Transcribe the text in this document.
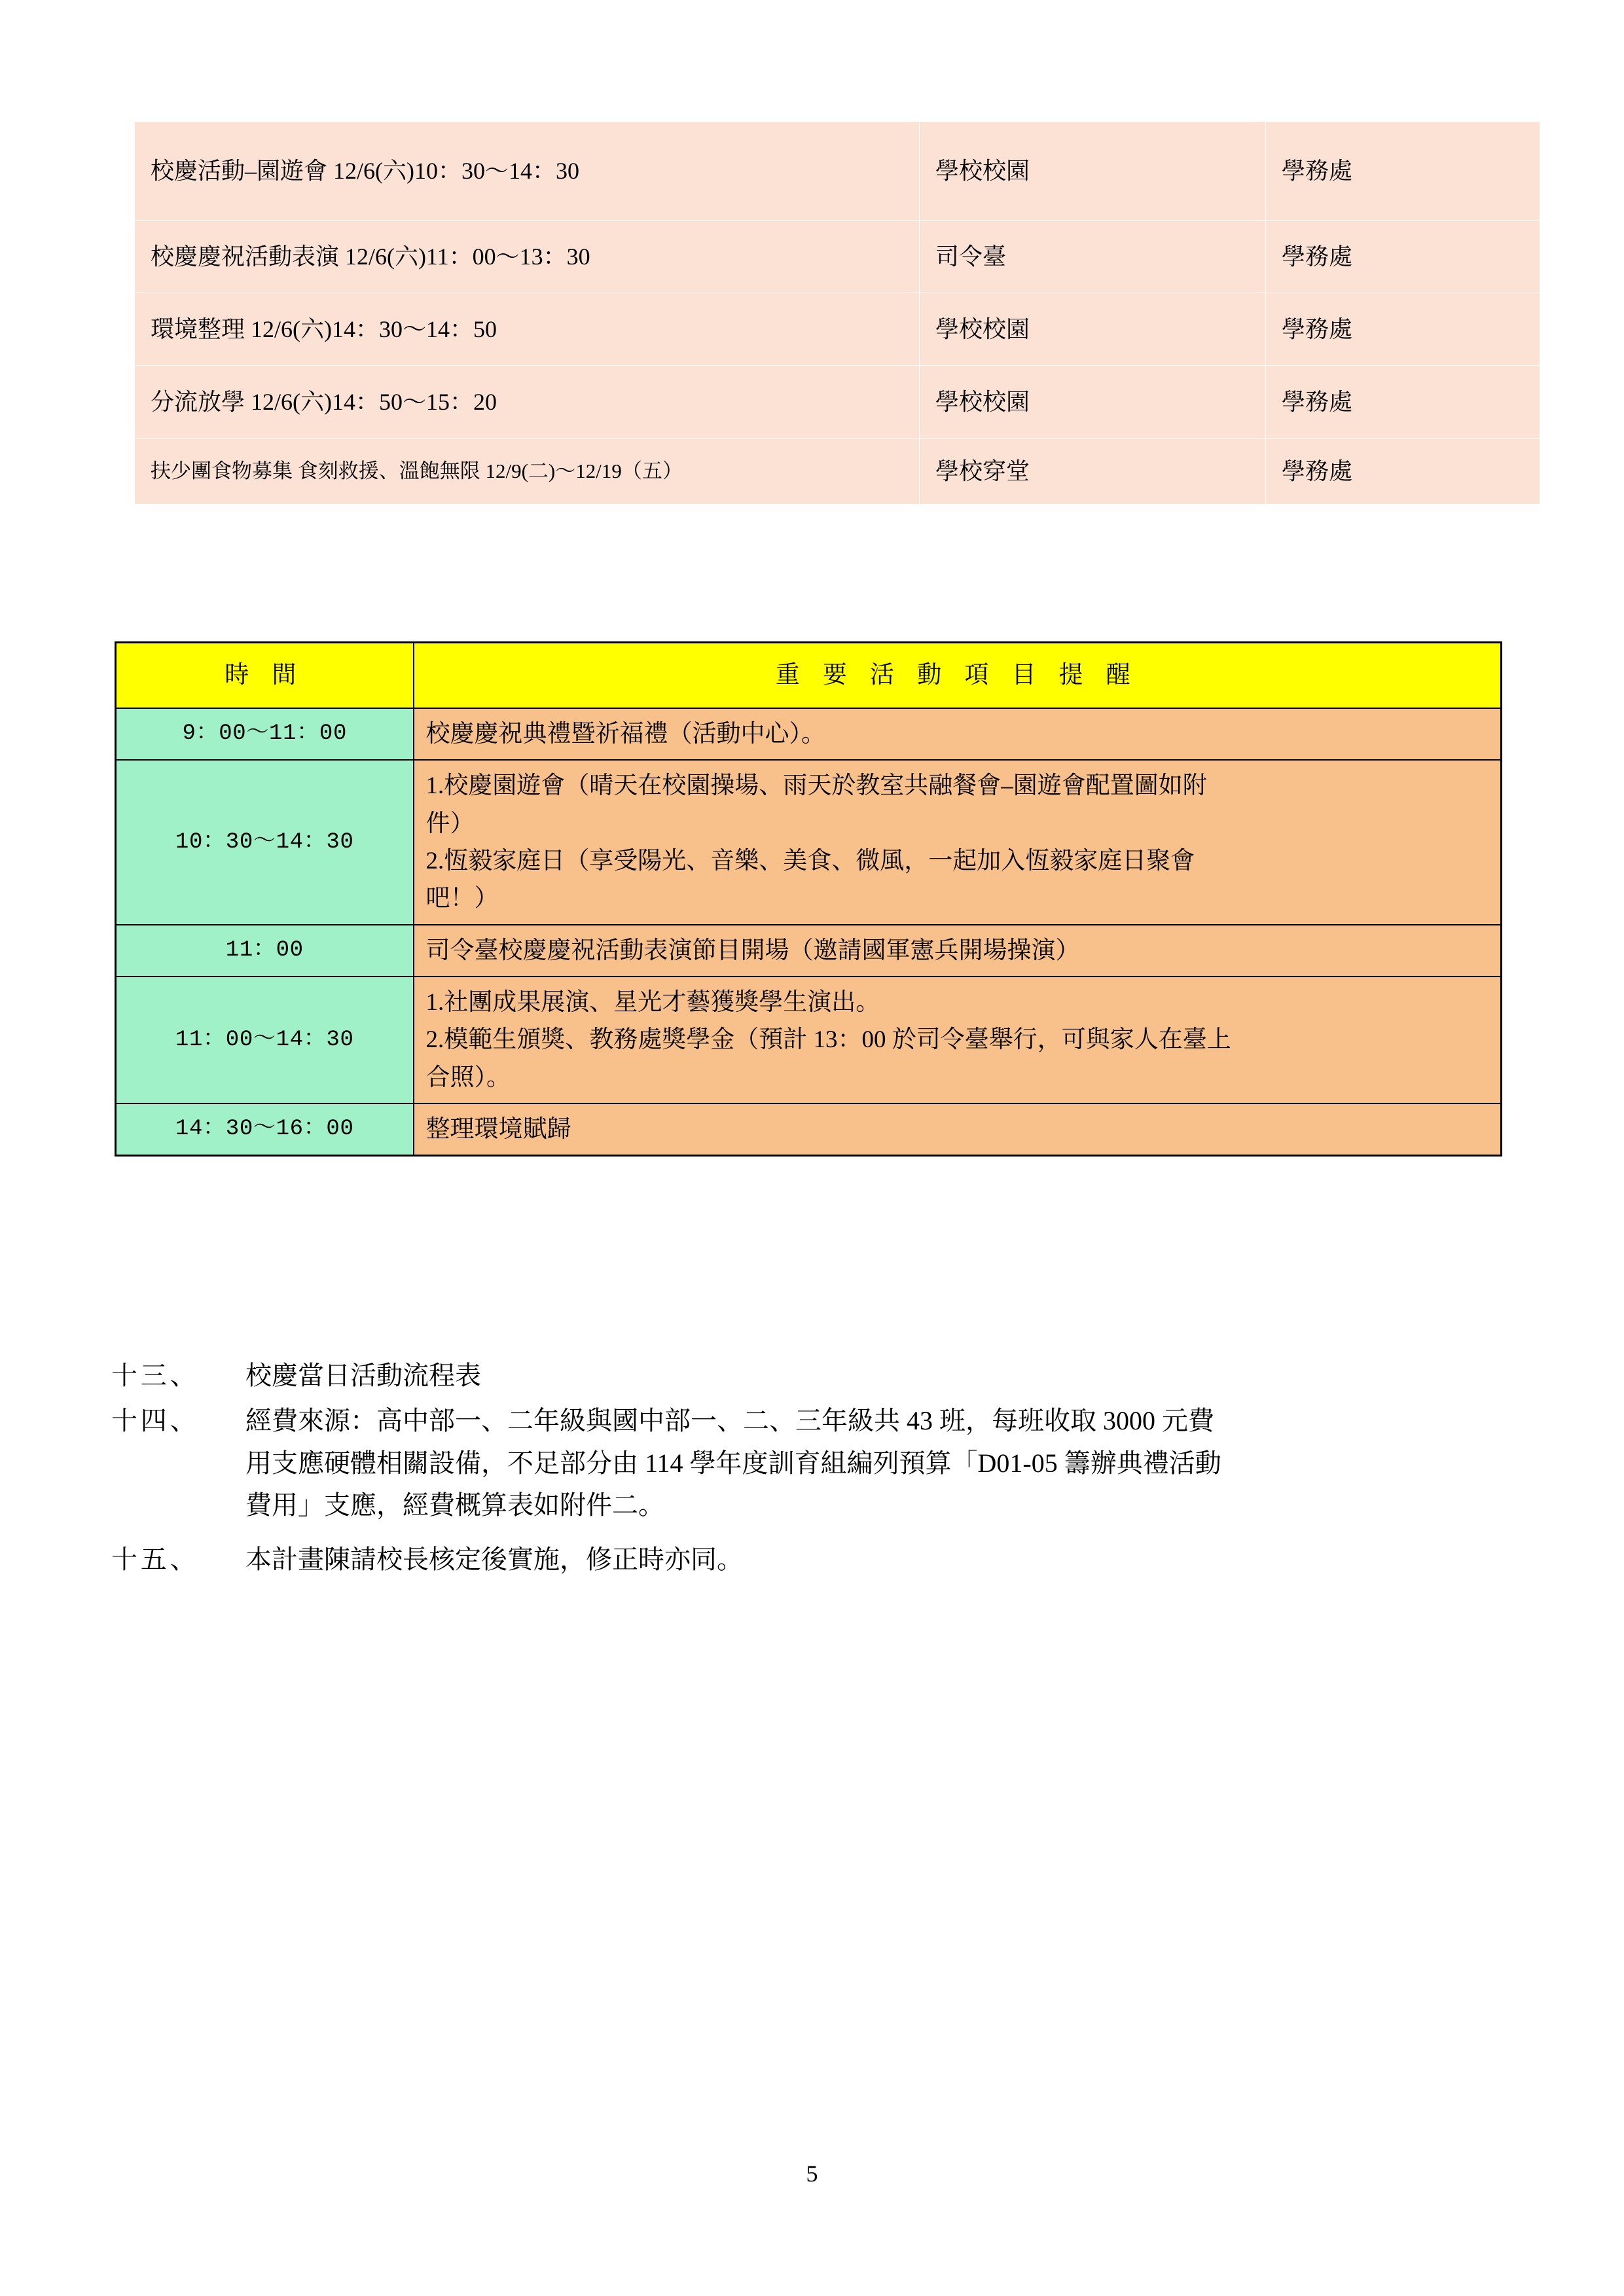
校慶活動–園遊會 12/6(六)10：30～14：30	學校校園	學務處
校慶慶祝活動表演 12/6(六)11：00～13：30	司令臺	學務處
環境整理 12/6(六)14：30～14：50	學校校園	學務處
分流放學 12/6(六)14：50～15：20	學校校園	學務處
扶少團食物募集 食刻救援、溫飽無限 12/9(二)～12/19（五）	學校穿堂	學務處
時 間	重 要 活 動 項 目 提 醒
9：00～11：00	校慶慶祝典禮暨祈福禮（活動中心）。

10：30～14：30	1.校慶園遊會（晴天在校園操場、雨天於教室共融餐會–園遊會配置圖如附
件）
2.恆毅家庭日（享受陽光、音樂、美食、微風，一起加入恆毅家庭日聚會
吧！）

11：00	司令臺校慶慶祝活動表演節目開場（邀請國軍憲兵開場操演）

11：00～14：30	1.社團成果展演、星光才藝獲獎學生演出。
2.模範生頒獎、教務處獎學金（預計 13：00 於司令臺舉行，可與家人在臺上
合照）。

14：30～16：00	整理環境賦歸
十三、	校慶當日活動流程表
十四、	經費來源：高中部一、二年級與國中部一、二、三年級共 43 班，每班收取 3000 元費
用支應硬體相關設備，不足部分由 114 學年度訓育組編列預算「D01-05 籌辦典禮活動
費用」支應，經費概算表如附件二。
十五、	本計畫陳請校長核定後實施，修正時亦同。
5
